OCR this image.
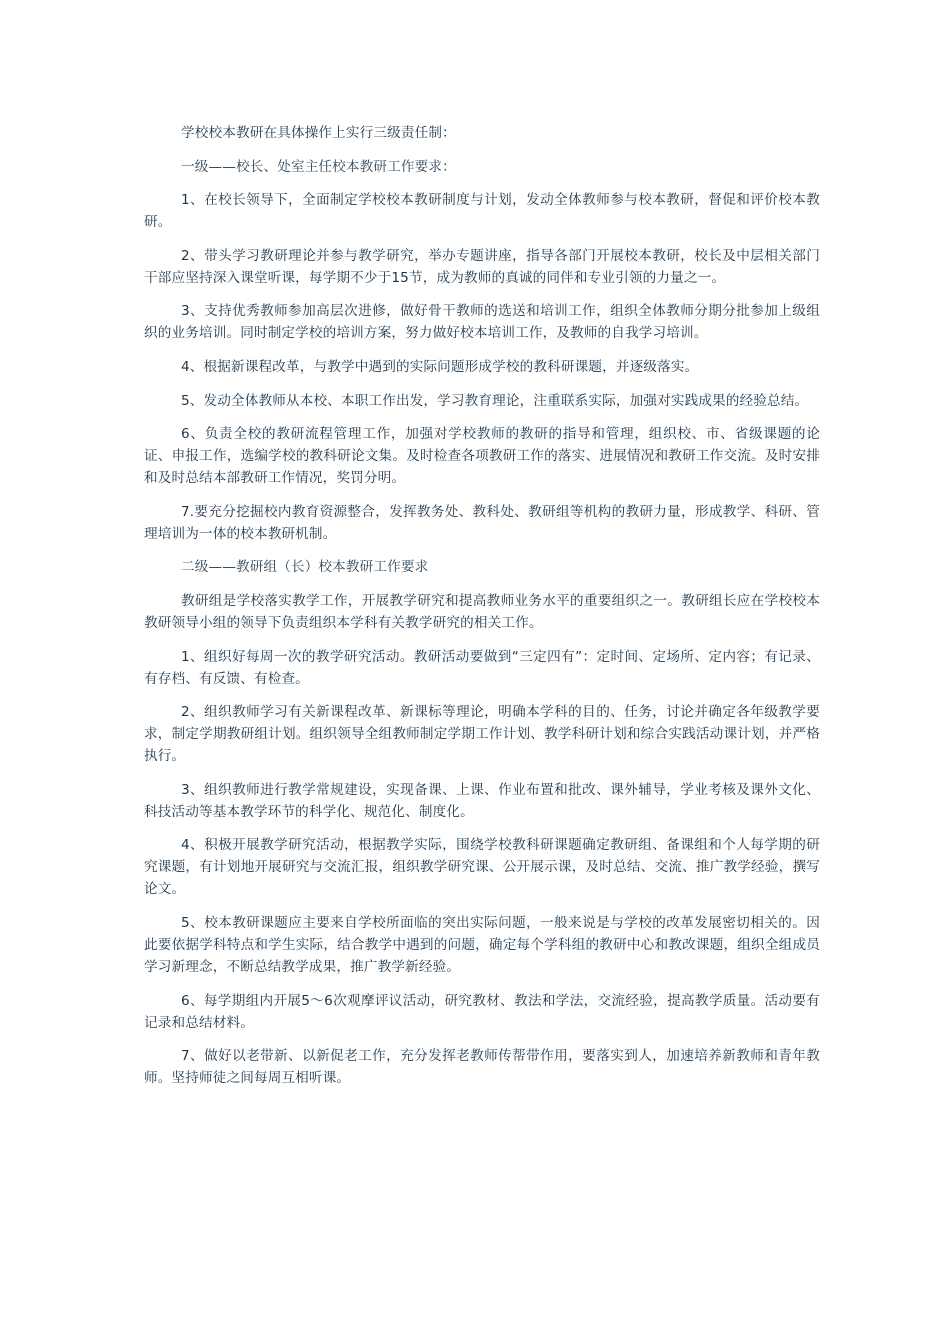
学校校本教研在具体操作上实行三级责任制：

一级——校长、处室主任校本教研工作要求：

1、在校长领导下，全面制定学校校本教研制度与计划，发动全体教师参与校本教研，督促和评价校本教研。

2、带头学习教研理论并参与教学研究，举办专题讲座，指导各部门开展校本教研，校长及中层相关部门干部应坚持深入课堂听课，每学期不少于15节，成为教师的真诚的同伴和专业引领的力量之一。

3、支持优秀教师参加高层次进修，做好骨干教师的选送和培训工作，组织全体教师分期分批参加上级组织的业务培训。同时制定学校的培训方案，努力做好校本培训工作，及教师的自我学习培训。

4、根据新课程改革，与教学中遇到的实际问题形成学校的教科研课题，并逐级落实。

5、发动全体教师从本校、本职工作出发，学习教育理论，注重联系实际，加强对实践成果的经验总结。

6、负责全校的教研流程管理工作，加强对学校教师的教研的指导和管理，组织校、市、省级课题的论证、申报工作，选编学校的教科研论文集。及时检查各项教研工作的落实、进展情况和教研工作交流。及时安排和及时总结本部教研工作情况，奖罚分明。

7.要充分挖掘校内教育资源整合，发挥教务处、教科处、教研组等机构的教研力量，形成教学、科研、管理培训为一体的校本教研机制。

二级——教研组（长）校本教研工作要求

教研组是学校落实教学工作，开展教学研究和提高教师业务水平的重要组织之一。教研组长应在学校校本教研领导小组的领导下负责组织本学科有关教学研究的相关工作。

1、组织好每周一次的教学研究活动。教研活动要做到“三定四有”：定时间、定场所、定内容；有记录、有存档、有反馈、有检查。

2、组织教师学习有关新课程改革、新课标等理论，明确本学科的目的、任务，讨论并确定各年级教学要求，制定学期教研组计划。组织领导全组教师制定学期工作计划、教学科研计划和综合实践活动课计划，并严格执行。

3、组织教师进行教学常规建设，实现备课、上课、作业布置和批改、课外辅导，学业考核及课外文化、科技活动等基本教学环节的科学化、规范化、制度化。

4、积极开展教学研究活动，根据教学实际，围绕学校教科研课题确定教研组、备课组和个人每学期的研究课题，有计划地开展研究与交流汇报，组织教学研究课、公开展示课，及时总结、交流、推广教学经验，撰写论文。

5、校本教研课题应主要来自学校所面临的突出实际问题，一般来说是与学校的改革发展密切相关的。因此要依据学科特点和学生实际，结合教学中遇到的问题，确定每个学科组的教研中心和教改课题，组织全组成员学习新理念，不断总结教学成果，推广教学新经验。

6、每学期组内开展5～6次观摩评议活动，研究教材、教法和学法，交流经验，提高教学质量。活动要有记录和总结材料。

7、做好以老带新、以新促老工作，充分发挥老教师传帮带作用，要落实到人，加速培养新教师和青年教师。坚持师徒之间每周互相听课。
